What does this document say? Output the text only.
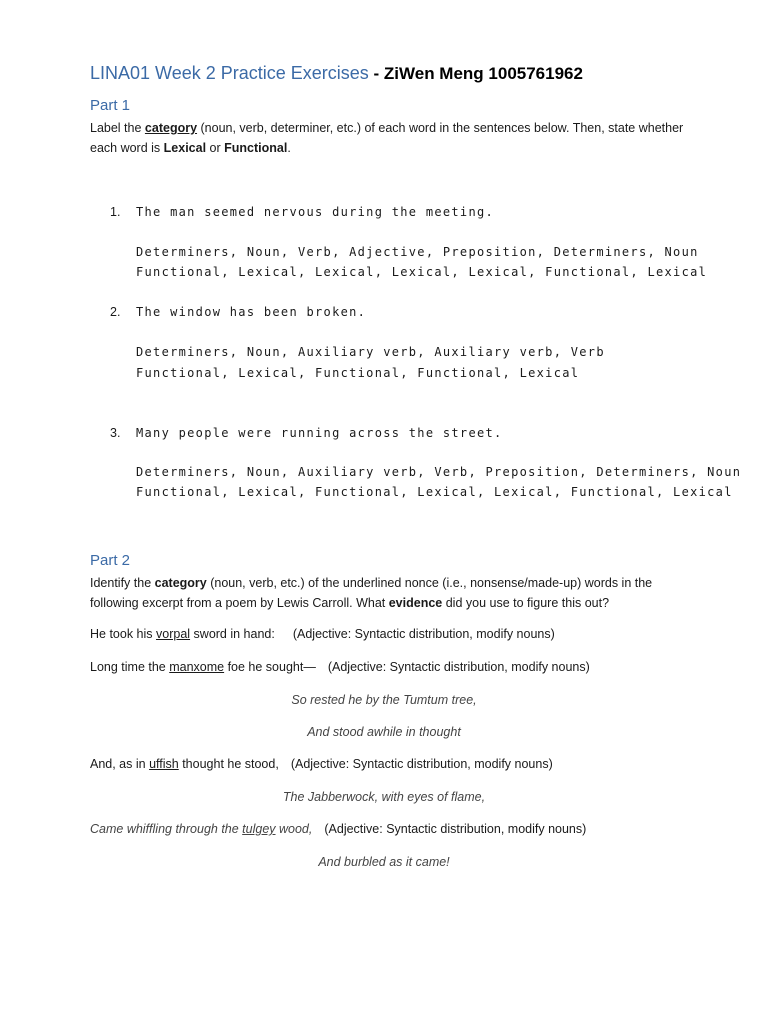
LINA01 Week 2 Practice Exercises - ZiWen Meng 1005761962
Part 1
Label the category (noun, verb, determiner, etc.) of each word in the sentences below. Then, state whether each word is Lexical or Functional.
1. The man seemed nervous during the meeting.
Determiners, Noun, Verb, Adjective, Preposition, Determiners, Noun
Functional, Lexical, Lexical, Lexical, Lexical, Functional, Lexical
2. The window has been broken.
Determiners, Noun, Auxiliary verb, Auxiliary verb, Verb
Functional, Lexical, Functional, Functional, Lexical
3. Many people were running across the street.
Determiners, Noun, Auxiliary verb, Verb, Preposition, Determiners, Noun
Functional, Lexical, Functional, Lexical, Lexical, Functional, Lexical
Part 2
Identify the category (noun, verb, etc.) of the underlined nonce (i.e., nonsense/made-up) words in the following excerpt from a poem by Lewis Carroll. What evidence did you use to figure this out?
He took his vorpal sword in hand: (Adjective: Syntactic distribution, modify nouns)
Long time the manxome foe he sought— (Adjective: Syntactic distribution, modify nouns)
So rested he by the Tumtum tree,
And stood awhile in thought
And, as in uffish thought he stood, (Adjective: Syntactic distribution, modify nouns)
The Jabberwock, with eyes of flame,
Came whiffling through the tulgey wood, (Adjective: Syntactic distribution, modify nouns)
And burbled as it came!
